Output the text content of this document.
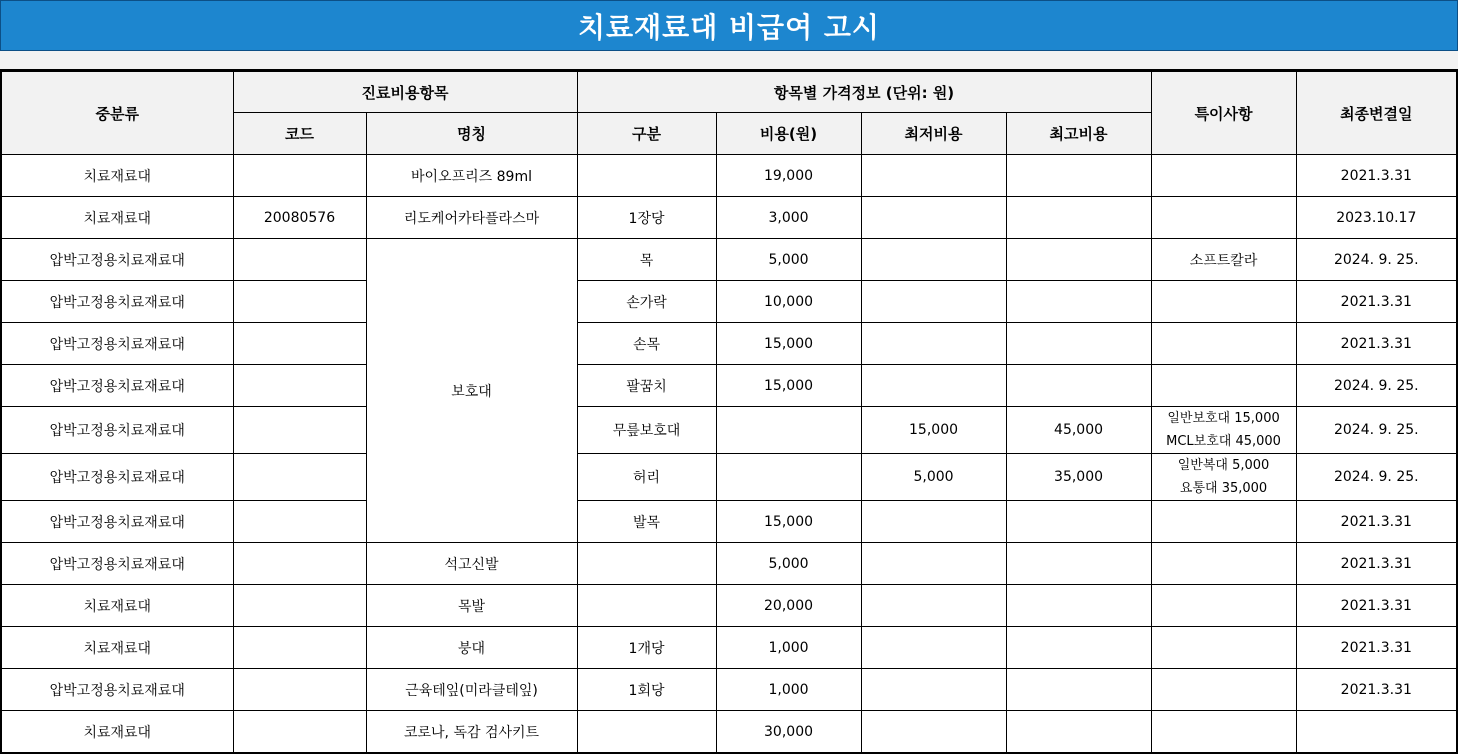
치료재료대 비급여 고시
중분류	진료비용항목		항목별 가격정보 (단위: 원)				특이사항	최종변결일
	코드	명칭	구분	비용(원)	최저비용	최고비용		
치료재료대		바이오프리즈 89ml		19,000				2021.3.31
치료재료대	20080576	리도케어카타플라스마	1장당	3,000				2023.10.17
압박고정용치료재료대		보호대	목	5,000			소프트칼라	2024. 9. 25.
압박고정용치료재료대			손가락	10,000				2021.3.31
압박고정용치료재료대			손목	15,000				2021.3.31
압박고정용치료재료대			팔꿈치	15,000				2024. 9. 25.
압박고정용치료재료대			무릎보호대		15,000	45,000	일반보호대 15,000
MCL보호대 45,000	2024. 9. 25.
압박고정용치료재료대			허리		5,000	35,000	일반복대 5,000
요통대 35,000	2024. 9. 25.
압박고정용치료재료대			발목	15,000				2021.3.31
압박고정용치료재료대		석고신발		5,000				2021.3.31
치료재료대		목발		20,000				2021.3.31
치료재료대		붕대	1개당	1,000				2021.3.31
압박고정용치료재료대		근육테잎(미라클테잎)	1회당	1,000				2021.3.31
치료재료대		코로나, 독감 검사키트		30,000				
